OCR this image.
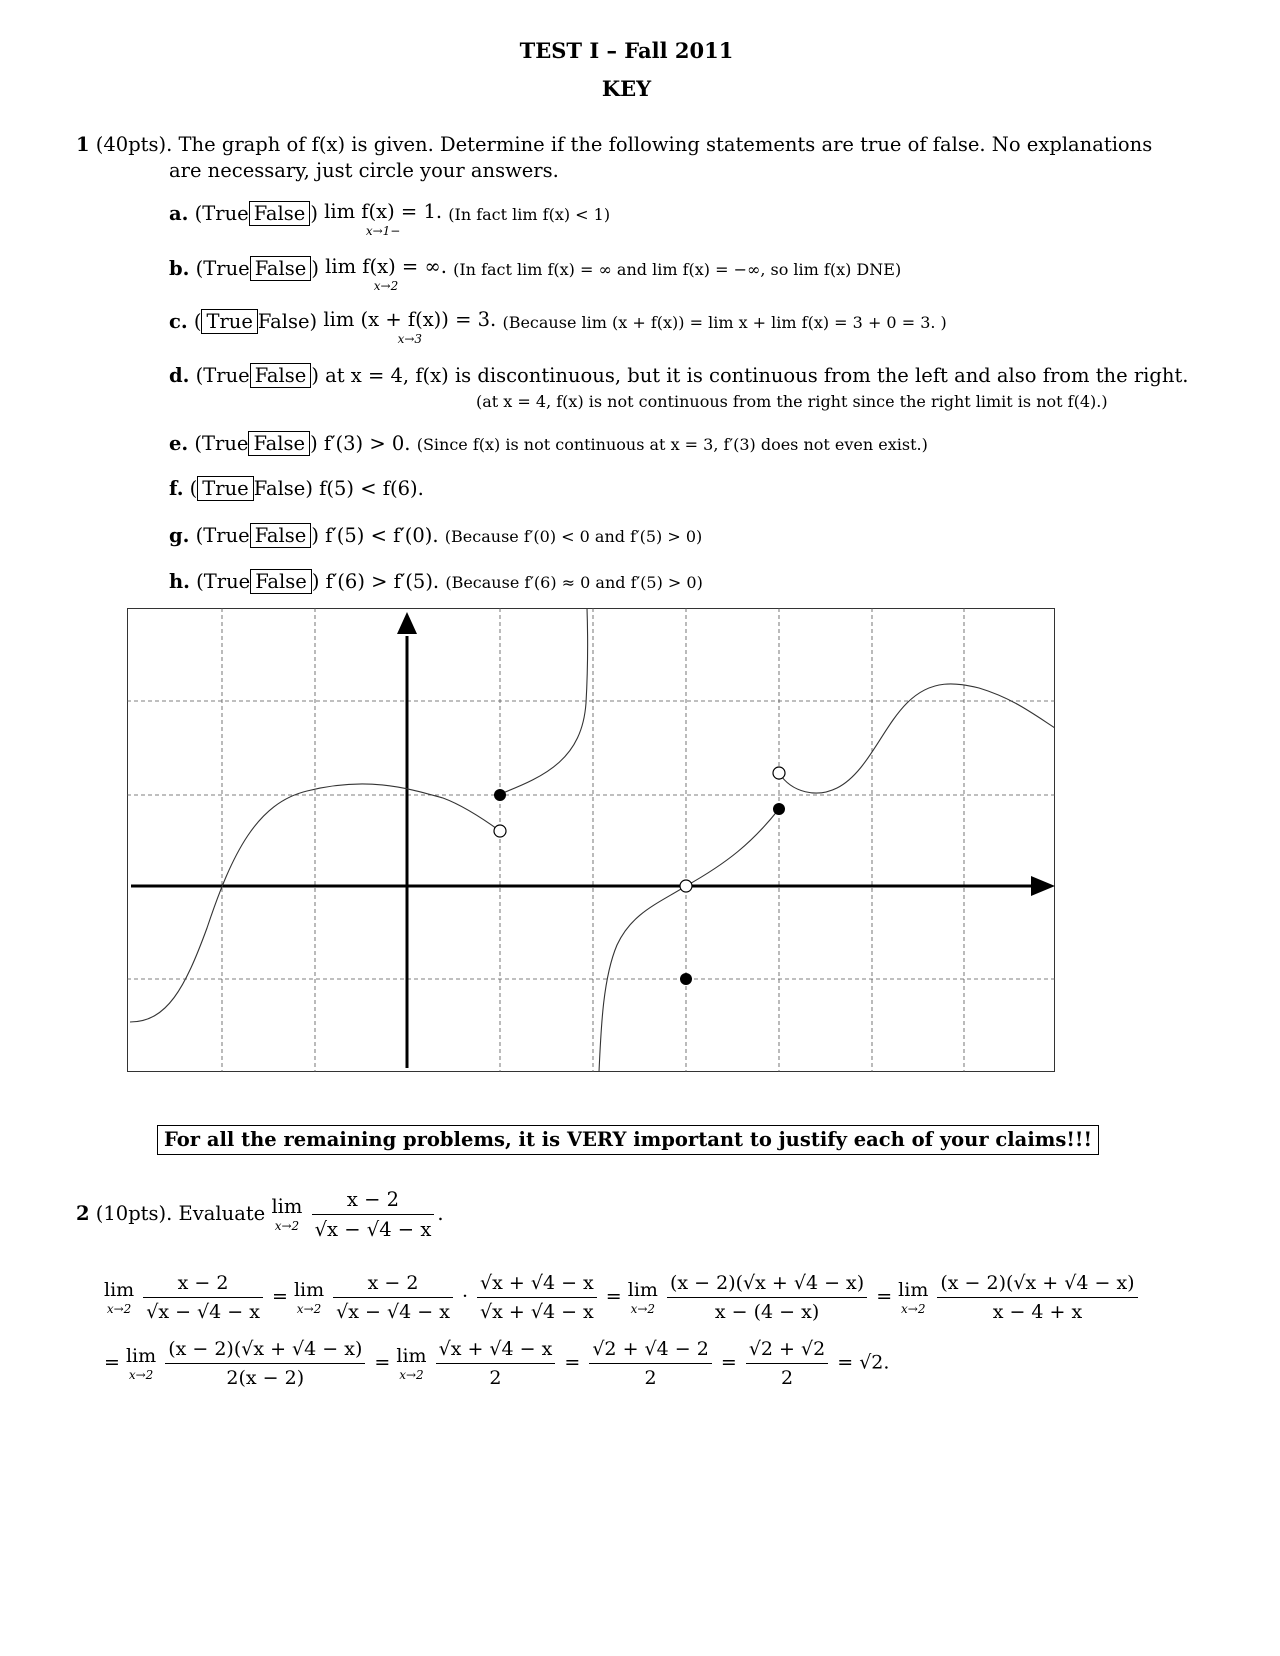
TEST I – Fall 2011
KEY
1 (40pts). The graph of f(x) is given. Determine if the following statements are true of false. No explanations
are necessary, just circle your answers.
a. (True False ) lim f(x) = 1.
x→1−
(In fact lim f(x) < 1)
b. (True False ) lim f(x) = ∞.
x→2
(In fact lim f(x) = ∞ and lim f(x) = −∞, so lim f(x) DNE)
c. ( True False) lim (x + f(x)) = 3.
x→3
(Because lim (x + f(x)) = lim x + lim f(x) = 3 + 0 = 3. )
d. (True False ) at x = 4, f(x) is discontinuous, but it is continuous from the left and also from the right.
(at x = 4, f(x) is not continuous from the right since the right limit is not f(4).)
e. (True False ) f′(3) > 0. (Since f(x) is not continuous at x = 3, f′(3) does not even exist.)
f. ( True False) f(5) < f(6).
g. (True False ) f′(5) < f′(0). (Because f′(0) < 0 and f′(5) > 0)
h. (True False ) f′(6) > f′(5). (Because f′(6) ≈ 0 and f′(5) > 0)
For all the remaining problems, it is VERY important to justify each of your claims!!!
2 (10pts). Evaluate lim
x→2
$\frac{x - 2}{√x - √4 - x}$ .
lim
x→2
$\frac{x - 2}{√x - √4 - x} = \lim$
x→2
$\frac{x - 2}{√x - √4 - x} \cdot \frac{√x + √4 - x}{√x + √4 - x} = \lim$
x→2
$\frac{(x - 2)(√x + √4 - x)}{x - (4 - x)} = \lim$
x→2
$\frac{(x - 2)(√x + √4 - x)}{x - 4 + x}$
= lim
x→2
$\frac{(x - 2)(√x + √4 - x)}{2(x - 2)} = \lim$
x→2
$\frac{√x + √4 - x}{2} = \frac{√2 + √4 - 2}{2} = \frac{√2 + √2}{2} = √2$.
